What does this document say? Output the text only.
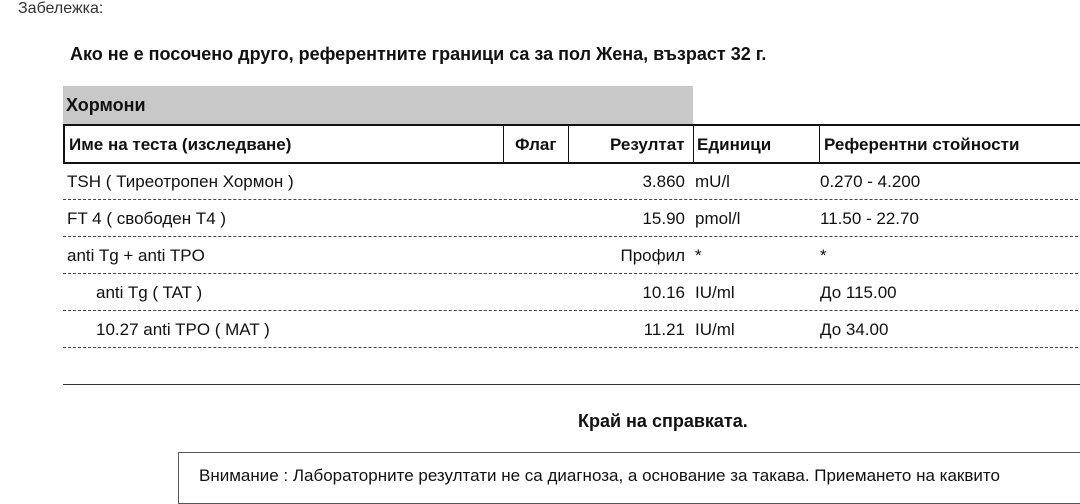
Забележка:
Ако не е посочено друго, референтните граници са за пол Жена, възраст 32 г.
Хормони
Име на теста (изследване)	Флаг	Резултат Единици	Референтни стойности
TSH ( Тиреотропен Хормон )	3.860 mU/l	0.270 - 4.200
FT 4 ( свободен T4 )	15.90 pmol/l	11.50 - 22.70
anti Tg + anti TPO	Профил *	*
anti Tg ( TAT )	10.16 IU/ml	До 115.00
10.27 anti TPO ( MAT )	11.21 IU/ml	До 34.00
Край на справката.
Внимание : Лабораторните резултати не са диагноза, а основание за такава. Приемането на каквито
